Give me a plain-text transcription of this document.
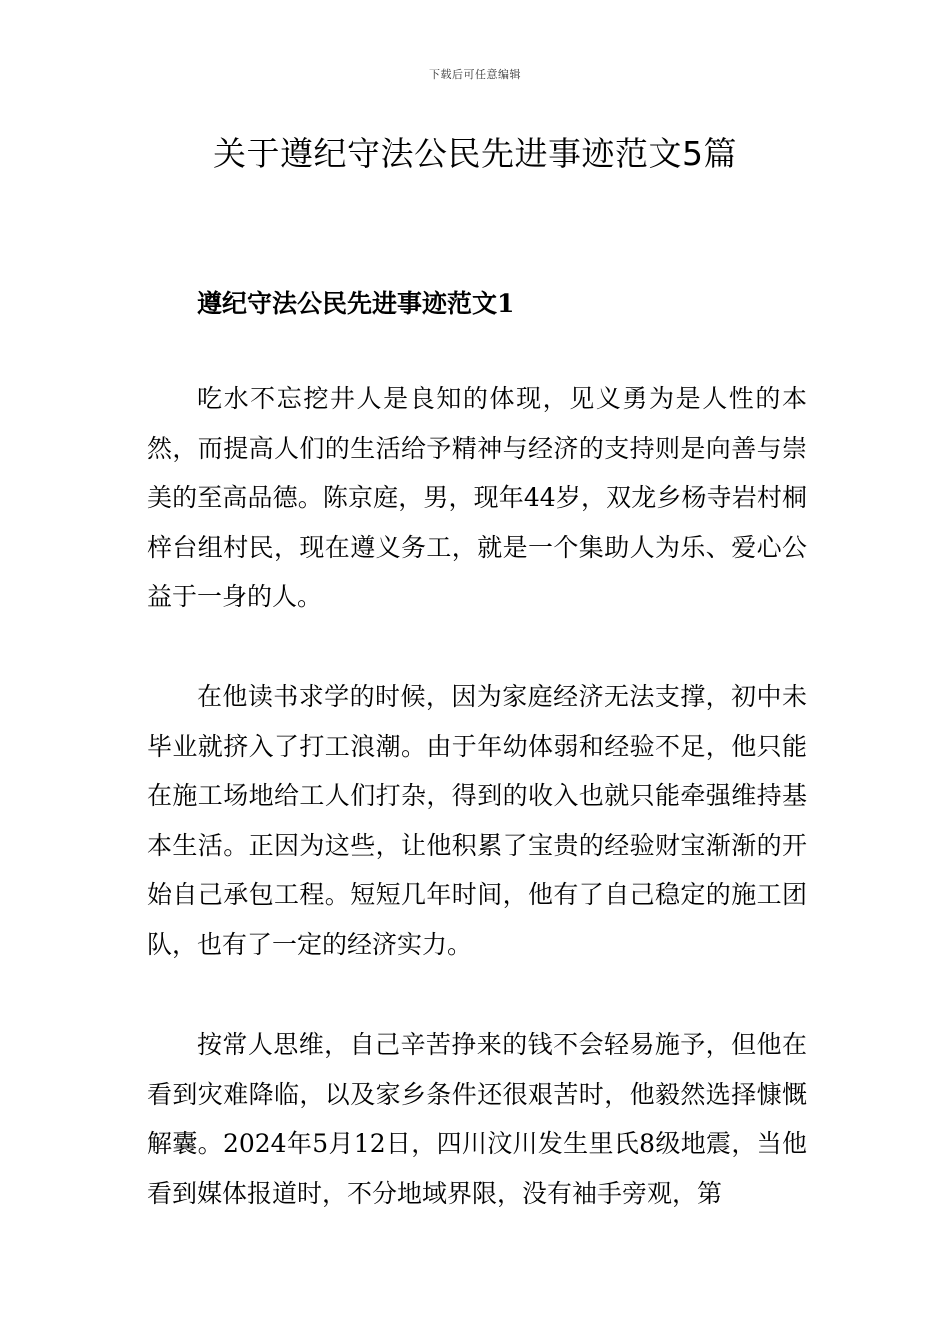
下载后可任意编辑
关于遵纪守法公民先进事迹范文5篇
遵纪守法公民先进事迹范文1

吃水不忘挖井人是良知的体现，见义勇为是人性的本然，而提高人们的生活给予精神与经济的支持则是向善与崇美的至高品德。陈京庭，男，现年44岁，双龙乡杨寺岩村桐梓台组村民，现在遵义务工，就是一个集助人为乐、爱心公益于一身的人。

在他读书求学的时候，因为家庭经济无法支撑，初中未毕业就挤入了打工浪潮。由于年幼体弱和经验不足，他只能在施工场地给工人们打杂，得到的收入也就只能牵强维持基本生活。正因为这些，让他积累了宝贵的经验财宝渐渐的开始自己承包工程。短短几年时间，他有了自己稳定的施工团队，也有了一定的经济实力。

按常人思维，自己辛苦挣来的钱不会轻易施予，但他在看到灾难降临，以及家乡条件还很艰苦时，他毅然选择慷慨解囊。2024年5月12日，四川汶川发生里氏8级地震，当他看到媒体报道时，不分地域界限，没有袖手旁观，第
